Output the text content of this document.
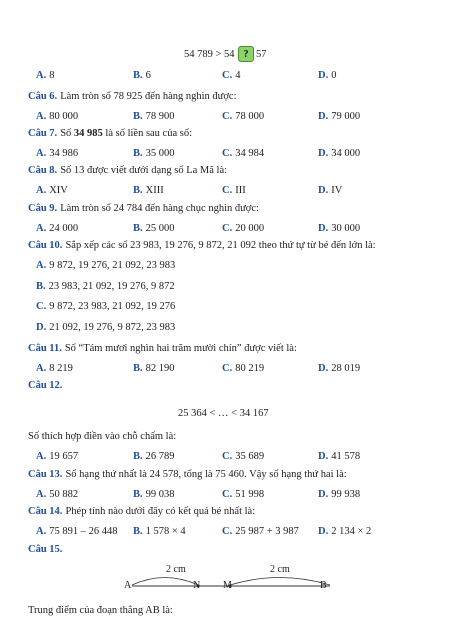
54 789 > 54 ? 57
A. 8	B. 6	C. 4	D. 0
Câu 6. Làm tròn số 78 925 đến hàng nghìn được:
A. 80 000	B. 78 900	C. 78 000	D. 79 000
Câu 7. Số 34 985 là số liền sau của số:
A. 34 986	B. 35 000	C. 34 984	D. 34 000
Câu 8. Số 13 được viết dưới dạng số La Mã là:
A. XIV	B. XIII	C. III	D. IV
Câu 9. Làm tròn số 24 784 đến hàng chục nghìn được:
A. 24 000	B. 25 000	C. 20 000	D. 30 000
Câu 10. Sắp xếp các số 23 983, 19 276, 9 872, 21 092 theo thứ tự từ bé đến lớn là:
A. 9 872, 19 276, 21 092, 23 983
B. 23 983, 21 092, 19 276, 9 872
C. 9 872, 23 983, 21 092, 19 276
D. 21 092, 19 276, 9 872, 23 983
Câu 11. Số “Tám mươi nghìn hai trăm mười chín” được viết là:
A. 8 219	B. 82 190	C. 80 219	D. 28 019
Câu 12.
25 364 < … < 34 167
Số thích hợp điền vào chỗ chấm là:
A. 19 657	B. 26 789	C. 35 689	D. 41 578
Câu 13. Số hạng thứ nhất là 24 578, tổng là 75 460. Vậy số hạng thứ hai là:
A. 50 882	B. 99 038	C. 51 998	D. 99 938
Câu 14. Phép tính nào dưới đây có kết quả bé nhất là:
A. 75 891 – 26 448 B. 1 578 × 4	C. 25 987 + 3 987 D. 2 134 × 2
Câu 15.
2 cm	2 cm
A	N M	B
Trung điểm của đoạn thẳng AB là:
